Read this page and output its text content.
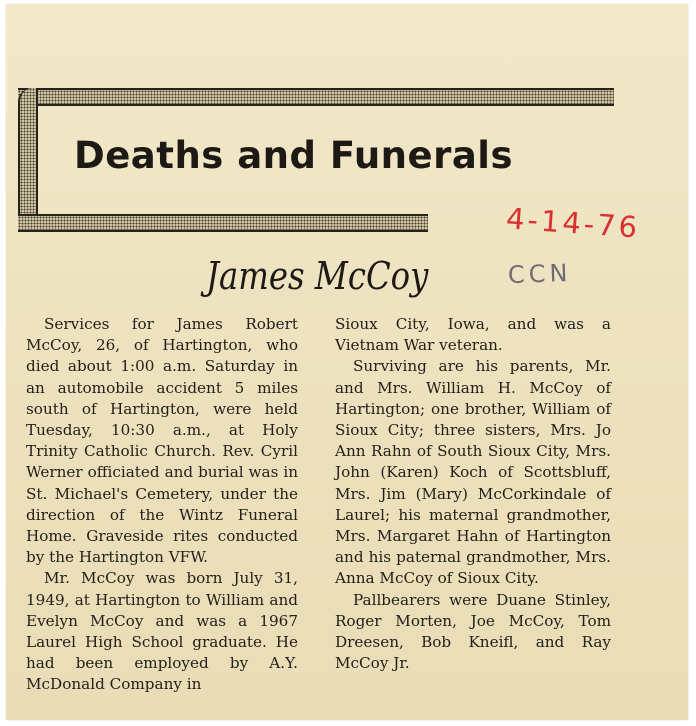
Deaths and Funerals
4-14-76
CCN
James McCoy

Services for James Robert McCoy, 26, of Hartington, who died about 1:00 a.m. Saturday in an automobile accident 5 miles south of Hartington, were held Tuesday, 10:30 a.m., at Holy Trinity Catholic Church. Rev. Cyril Werner officiated and burial was in St. Michael's Cemetery, under the direction of the Wintz Funeral Home. Graveside rites conducted by the Hartington VFW.

Mr. McCoy was born July 31, 1949, at Hartington to William and Evelyn McCoy and was a 1967 Laurel High School graduate. He had been employed by A.Y. McDonald Company in

Sioux City, Iowa, and was a Vietnam War veteran.

Surviving are his parents, Mr. and Mrs. William H. McCoy of Hartington; one brother, William of Sioux City; three sisters, Mrs. Jo Ann Rahn of South Sioux City, Mrs. John (Karen) Koch of Scottsbluff, Mrs. Jim (Mary) McCorkindale of Laurel; his maternal grandmother, Mrs. Margaret Hahn of Hartington and his paternal grandmother, Mrs. Anna McCoy of Sioux City.

Pallbearers were Duane Stinley, Roger Morten, Joe McCoy, Tom Dreesen, Bob Kneifl, and Ray McCoy Jr.
